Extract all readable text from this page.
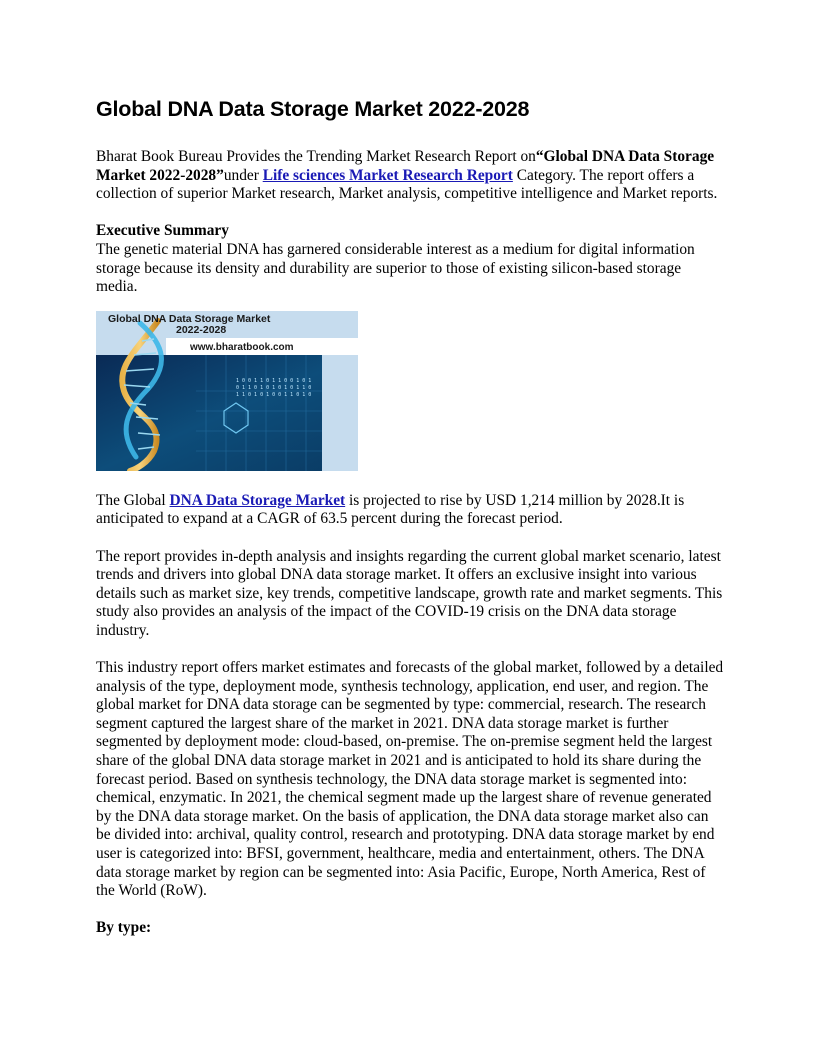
Global DNA Data Storage Market 2022-2028

Bharat Book Bureau Provides the Trending Market Research Report on“Global DNA Data Storage Market 2022-2028”under Life sciences Market Research Report Category. The report offers a collection of superior Market research, Market analysis, competitive intelligence and Market reports.

Executive Summary

The genetic material DNA has garnered considerable interest as a medium for digital information storage because its density and durability are superior to those of existing silicon-based storage media.

Global DNA Data Storage Market
2022-2028
www.bharatbook.com
1 0 0 1 1 0 1 1 0 0 1 0 1
0 1 1 0 1 0 1 0 1 0 1 1 0
1 1 0 1 0 1 0 0 1 1 0 1 0

The Global DNA Data Storage Market is projected to rise by USD 1,214 million by 2028.It is anticipated to expand at a CAGR of 63.5 percent during the forecast period.

The report provides in-depth analysis and insights regarding the current global market scenario, latest trends and drivers into global DNA data storage market. It offers an exclusive insight into various details such as market size, key trends, competitive landscape, growth rate and market segments. This study also provides an analysis of the impact of the COVID-19 crisis on the DNA data storage industry.

This industry report offers market estimates and forecasts of the global market, followed by a detailed analysis of the type, deployment mode, synthesis technology, application, end user, and region. The global market for DNA data storage can be segmented by type: commercial, research. The research segment captured the largest share of the market in 2021. DNA data storage market is further segmented by deployment mode: cloud-based, on-premise. The on-premise segment held the largest share of the global DNA data storage market in 2021 and is anticipated to hold its share during the forecast period. Based on synthesis technology, the DNA data storage market is segmented into: chemical, enzymatic. In 2021, the chemical segment made up the largest share of revenue generated by the DNA data storage market. On the basis of application, the DNA data storage market also can be divided into: archival, quality control, research and prototyping. DNA data storage market by end user is categorized into: BFSI, government, healthcare, media and entertainment, others. The DNA data storage market by region can be segmented into: Asia Pacific, Europe, North America, Rest of the World (RoW).

By type:
